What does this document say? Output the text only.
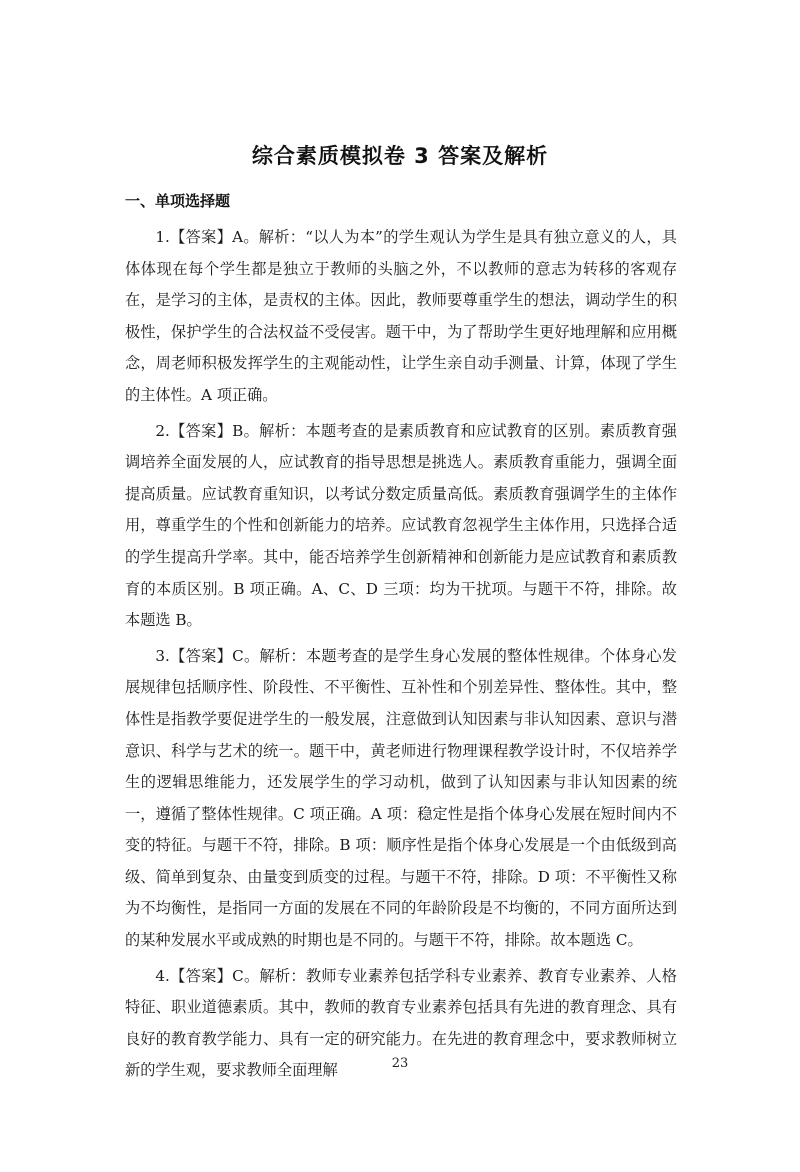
综合素质模拟卷 3 答案及解析
一、单项选择题

1.【答案】A。解析：“以人为本”的学生观认为学生是具有独立意义的人，具体体现在每个学生都是独立于教师的头脑之外，不以教师的意志为转移的客观存在，是学习的主体，是责权的主体。因此，教师要尊重学生的想法，调动学生的积极性，保护学生的合法权益不受侵害。题干中，为了帮助学生更好地理解和应用概念，周老师积极发挥学生的主观能动性，让学生亲自动手测量、计算，体现了学生的主体性。A 项正确。

2.【答案】B。解析：本题考查的是素质教育和应试教育的区别。素质教育强调培养全面发展的人，应试教育的指导思想是挑选人。素质教育重能力，强调全面提高质量。应试教育重知识，以考试分数定质量高低。素质教育强调学生的主体作用，尊重学生的个性和创新能力的培养。应试教育忽视学生主体作用，只选择合适的学生提高升学率。其中，能否培养学生创新精神和创新能力是应试教育和素质教育的本质区别。B 项正确。A、C、D 三项：均为干扰项。与题干不符，排除。故本题选 B。

3.【答案】C。解析：本题考查的是学生身心发展的整体性规律。个体身心发展规律包括顺序性、阶段性、不平衡性、互补性和个别差异性、整体性。其中，整体性是指教学要促进学生的一般发展，注意做到认知因素与非认知因素、意识与潜意识、科学与艺术的统一。题干中，黄老师进行物理课程教学设计时，不仅培养学生的逻辑思维能力，还发展学生的学习动机，做到了认知因素与非认知因素的统一，遵循了整体性规律。C 项正确。A 项：稳定性是指个体身心发展在短时间内不变的特征。与题干不符，排除。B 项：顺序性是指个体身心发展是一个由低级到高级、简单到复杂、由量变到质变的过程。与题干不符，排除。D 项：不平衡性又称为不均衡性，是指同一方面的发展在不同的年龄阶段是不均衡的，不同方面所达到的某种发展水平或成熟的时期也是不同的。与题干不符，排除。故本题选 C。

4.【答案】C。解析：教师专业素养包括学科专业素养、教育专业素养、人格特征、职业道德素质。其中，教师的教育专业素养包括具有先进的教育理念、具有良好的教育教学能力、具有一定的研究能力。在先进的教育理念中，要求教师树立新的学生观，要求教师全面理解	23
